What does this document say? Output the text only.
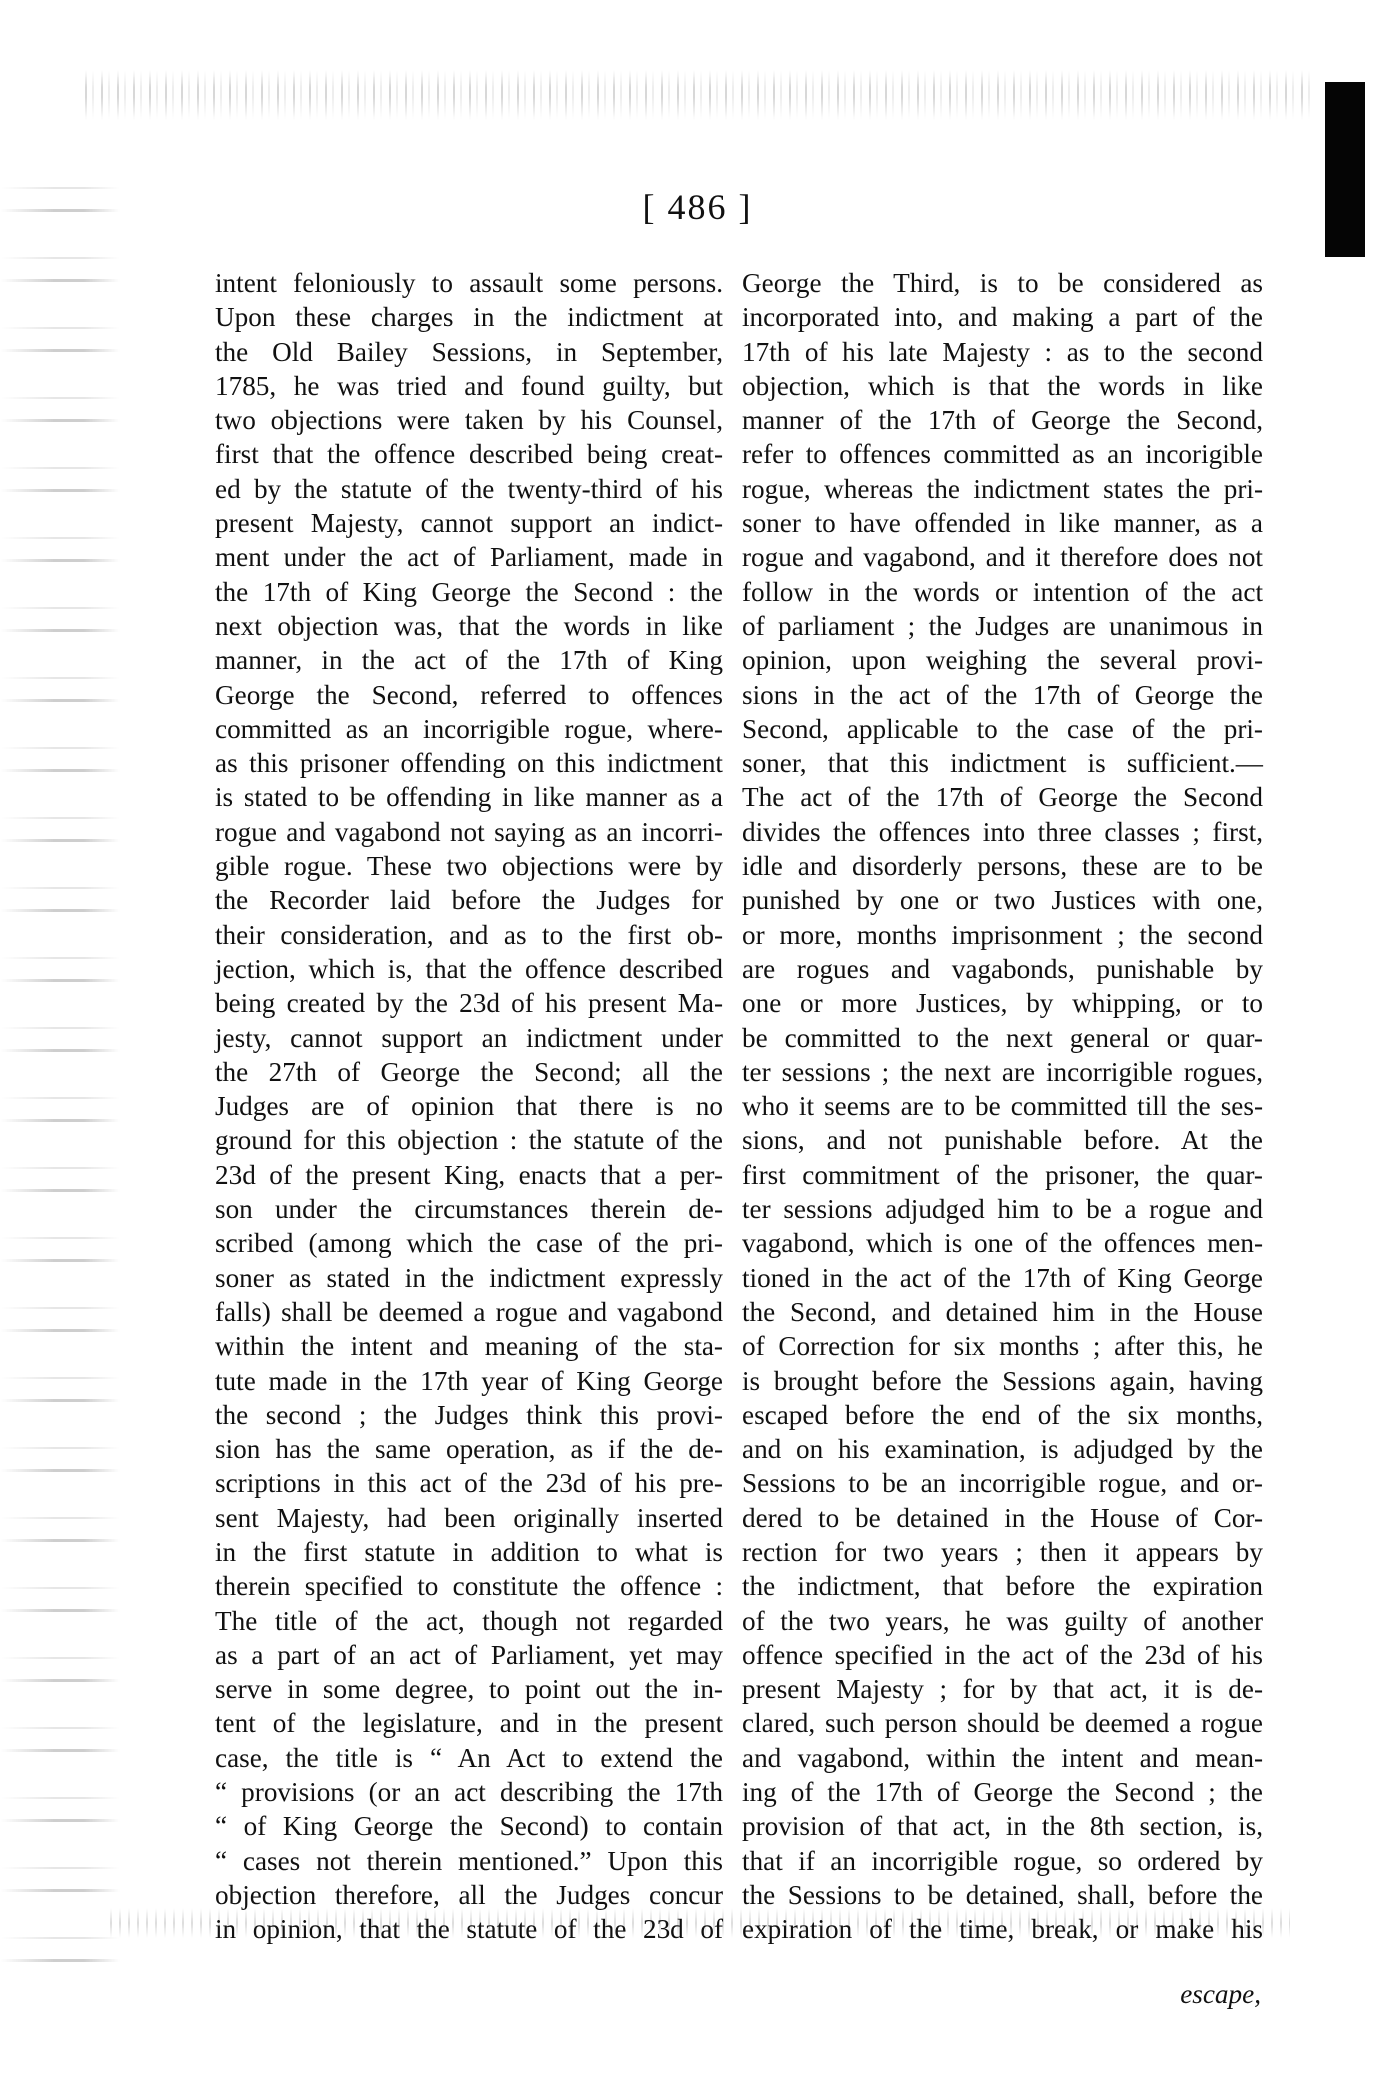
[ 486 ]
intent feloniously to assault some persons.
Upon these charges in the indictment at
the Old Bailey Sessions, in September,
1785, he was tried and found guilty, but
two objections were taken by his Counsel,
first that the offence described being creat-
ed by the statute of the twenty-third of his
present Majesty, cannot support an indict-
ment under the act of Parliament, made in
the 17th of King George the Second : the
next objection was, that the words in like
manner, in the act of the 17th of King
George the Second, referred to offences
committed as an incorrigible rogue, where-
as this prisoner offending on this indictment
is stated to be offending in like manner as a
rogue and vagabond not saying as an incorri-
gible rogue. These two objections were by
the Recorder laid before the Judges for
their consideration, and as to the first ob-
jection, which is, that the offence described
being created by the 23d of his present Ma-
jesty, cannot support an indictment under
the 27th of George the Second; all the
Judges are of opinion that there is no
ground for this objection : the statute of the
23d of the present King, enacts that a per-
son under the circumstances therein de-
scribed (among which the case of the pri-
soner as stated in the indictment expressly
falls) shall be deemed a rogue and vagabond
within the intent and meaning of the sta-
tute made in the 17th year of King George
the second ; the Judges think this provi-
sion has the same operation, as if the de-
scriptions in this act of the 23d of his pre-
sent Majesty, had been originally inserted
in the first statute in addition to what is
therein specified to constitute the offence :
The title of the act, though not regarded
as a part of an act of Parliament, yet may
serve in some degree, to point out the in-
tent of the legislature, and in the present
case, the title is “ An Act to extend the
“ provisions (or an act describing the 17th
“ of King George the Second) to contain
“ cases not therein mentioned.” Upon this
objection therefore, all the Judges concur
in opinion, that the statute of the 23d of
George the Third, is to be considered as
incorporated into, and making a part of the
17th of his late Majesty : as to the second
objection, which is that the words in like
manner of the 17th of George the Second,
refer to offences committed as an incorigible
rogue, whereas the indictment states the pri-
soner to have offended in like manner, as a
rogue and vagabond, and it therefore does not
follow in the words or intention of the act
of parliament ; the Judges are unanimous in
opinion, upon weighing the several provi-
sions in the act of the 17th of George the
Second, applicable to the case of the pri-
soner, that this indictment is sufficient.—
The act of the 17th of George the Second
divides the offences into three classes ; first,
idle and disorderly persons, these are to be
punished by one or two Justices with one,
or more, months imprisonment ; the second
are rogues and vagabonds, punishable by
one or more Justices, by whipping, or to
be committed to the next general or quar-
ter sessions ; the next are incorrigible rogues,
who it seems are to be committed till the ses-
sions, and not punishable before. At the
first commitment of the prisoner, the quar-
ter sessions adjudged him to be a rogue and
vagabond, which is one of the offences men-
tioned in the act of the 17th of King George
the Second, and detained him in the House
of Correction for six months ; after this, he
is brought before the Sessions again, having
escaped before the end of the six months,
and on his examination, is adjudged by the
Sessions to be an incorrigible rogue, and or-
dered to be detained in the House of Cor-
rection for two years ; then it appears by
the indictment, that before the expiration
of the two years, he was guilty of another
offence specified in the act of the 23d of his
present Majesty ; for by that act, it is de-
clared, such person should be deemed a rogue
and vagabond, within the intent and mean-
ing of the 17th of George the Second ; the
provision of that act, in the 8th section, is,
that if an incorrigible rogue, so ordered by
the Sessions to be detained, shall, before the
expiration of the time, break, or make his
escape,
